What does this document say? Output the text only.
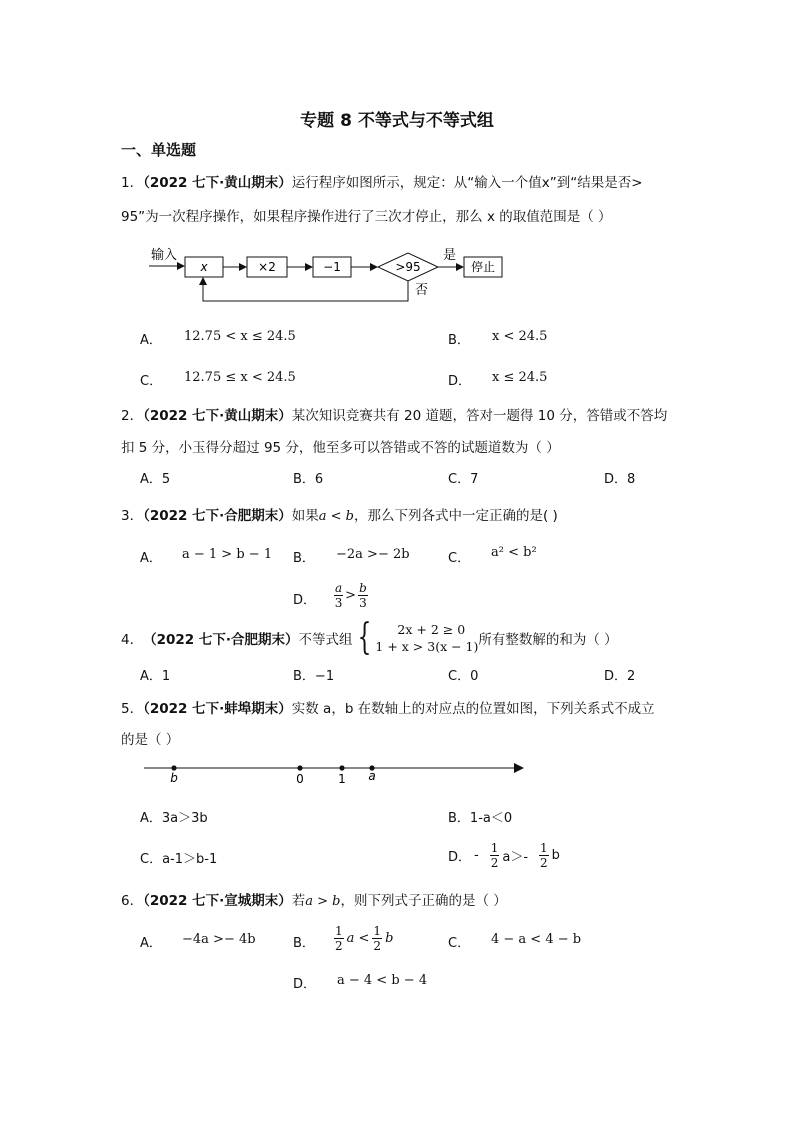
专题 8 不等式与不等式组
一、单选题
1．（2022 七下·黄山期末）运行程序如图所示，规定：从“输入一个值x”到“结果是否>
95”为一次程序操作，如果程序操作进行了三次才停止，那么 x 的取值范围是（ ）
输入
x	×2	−1	>95
是
停止
否
A． 12.75 < x ≤ 24.5	B． x < 24.5
C． 12.75 ≤ x < 24.5	D． x ≤ 24.5
2．（2022 七下·黄山期末）某次知识竞赛共有 20 道题，答对一题得 10 分，答错或不答均
扣 5 分，小玉得分超过 95 分，他至多可以答错或不答的试题道数为（ ）
A．5	B．6	C．7	D．8
3．（2022 七下·合肥期末）如果a < b，那么下列各式中一定正确的是( )
A． a − 1 > b − 1 B． −2a >− 2b	C． a² < b²
D． $\frac{a}{3} > \frac{b}{3}$
4． （2022 七下·合肥期末） 不等式组 {	2x + 2 ≥ 0
1 + x > 3(x − 1) 所有整数解的和为（ ）
A．1	B．−1	C．0	D．2
5．（2022 七下·蚌埠期末）实数 a，b 在数轴上的对应点的位置如图，下列关系式不成立
的是（ ）
b	0	1 a
A．3a＞3b	B．1-a＜0
C．a-1＞b-1	D． - $\frac{1}{2} a>- \frac{1}{2}$ b
6．（2022 七下·宣城期末）若a > b，则下列式子正确的是（ ）
A． −4a >− 4b	B． $\frac{1}{2}$ $a < \frac{1}{2}$ b	C． 4 − a < 4 − b
D． a − 4 < b − 4
